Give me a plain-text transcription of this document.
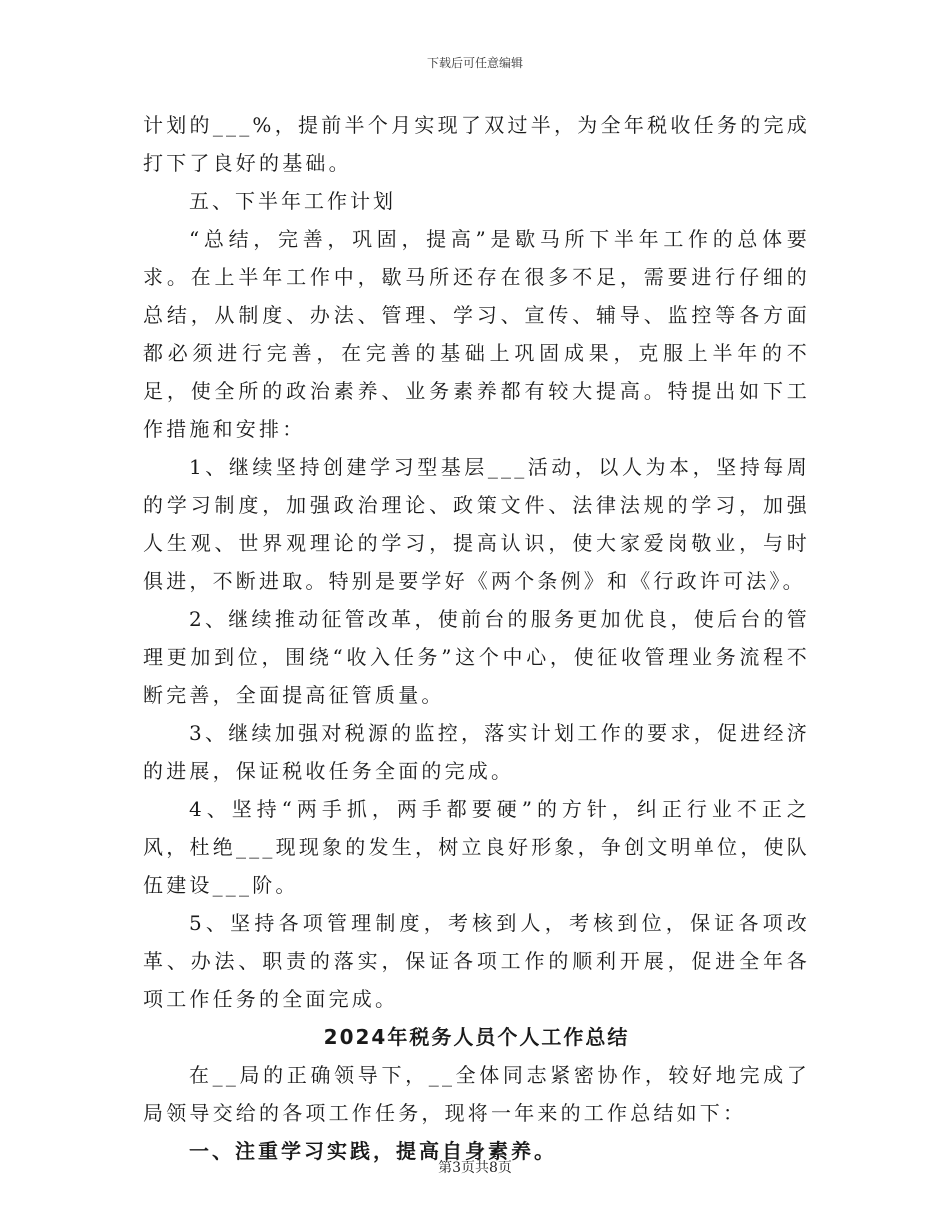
下载后可任意编辑

计划的___%，提前半个月实现了双过半，为全年税收任务的完成打下了良好的基础。

五、下半年工作计划

“总结，完善，巩固，提高”是歇马所下半年工作的总体要求。在上半年工作中，歇马所还存在很多不足，需要进行仔细的总结，从制度、办法、管理、学习、宣传、辅导、监控等各方面都必须进行完善，在完善的基础上巩固成果，克服上半年的不足，使全所的政治素养、业务素养都有较大提高。特提出如下工作措施和安排：

1、继续坚持创建学习型基层___活动，以人为本，坚持每周的学习制度，加强政治理论、政策文件、法律法规的学习，加强人生观、世界观理论的学习，提高认识，使大家爱岗敬业，与时俱进，不断进取。特别是要学好《两个条例》和《行政许可法》。

2、继续推动征管改革，使前台的服务更加优良，使后台的管理更加到位，围绕“收入任务”这个中心，使征收管理业务流程不断完善，全面提高征管质量。

3、继续加强对税源的监控，落实计划工作的要求，促进经济的进展，保证税收任务全面的完成。

4、坚持“两手抓，两手都要硬”的方针，纠正行业不正之风，杜绝___现现象的发生，树立良好形象，争创文明单位，使队伍建设___阶。

5、坚持各项管理制度，考核到人，考核到位，保证各项改革、办法、职责的落实，保证各项工作的顺利开展，促进全年各项工作任务的全面完成。

2024年税务人员个人工作总结

在__局的正确领导下，__全体同志紧密协作，较好地完成了局领导交给的各项工作任务，现将一年来的工作总结如下：

一、注重学习实践，提高自身素养。

第3页共8页
